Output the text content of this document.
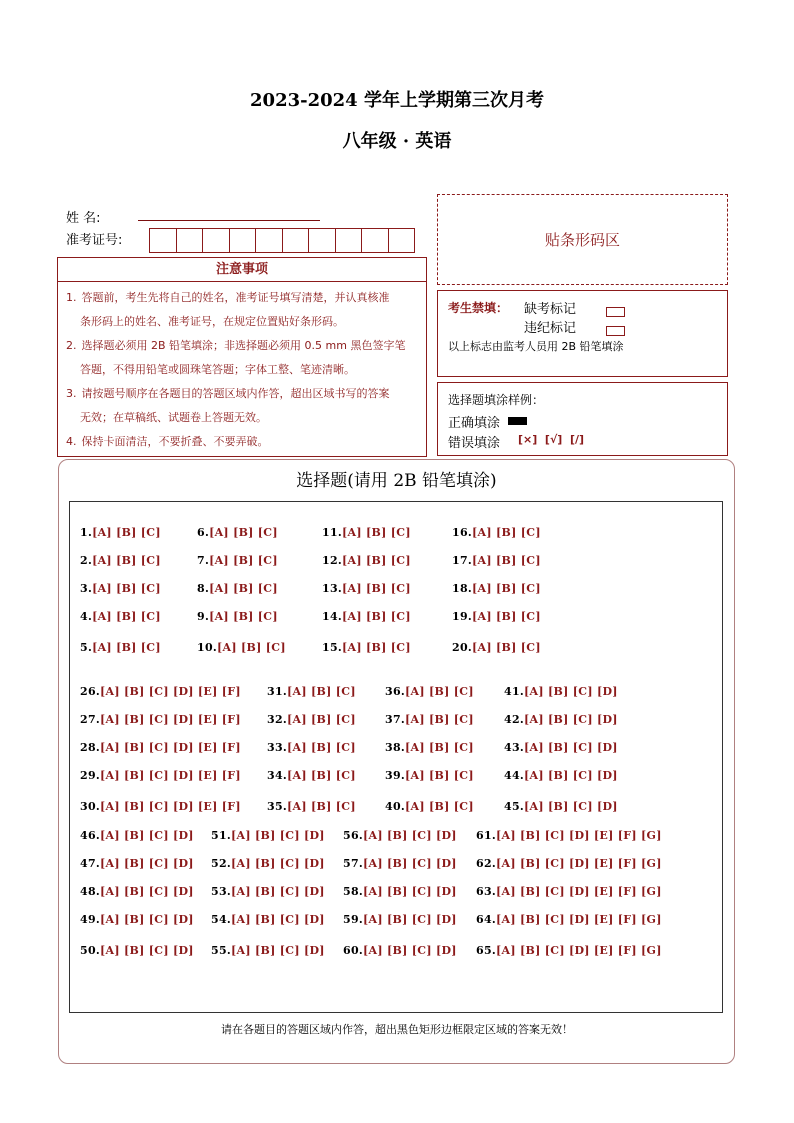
2023-2024 学年上学期第三次月考
八年级 · 英语
姓 名:
准考证号:	贴条形码区
注意事项
1. 答题前，考生先将自己的姓名，准考证号填写清楚，并认真核准
条形码上的姓名、准考证号，在规定位置贴好条形码。
2. 选择题必须用 2B 铅笔填涂；非选择题必须用 0.5 mm 黑色签字笔
答题，不得用铅笔或圆珠笔答题；字体工整、笔迹清晰。
3. 请按题号顺序在各题目的答题区域内作答，超出区域书写的答案
无效；在草稿纸、试题卷上答题无效。
4. 保持卡面清洁，不要折叠、不要弄破。
考生禁填： 缺考标记
违纪标记
以上标志由监考人员用 2B 铅笔填涂
选择题填涂样例：
正确填涂
错误填涂 [×]  [√]  [/]
选择题(请用 2B 铅笔填涂)
1.[A] [B] [C]
2.[A] [B] [C]
3.[A] [B] [C]
4.[A] [B] [C]
5.[A] [B] [C]
6.[A] [B] [C]
7.[A] [B] [C]
8.[A] [B] [C]
9.[A] [B] [C]
10.[A] [B] [C]
11.[A] [B] [C]
12.[A] [B] [C]
13.[A] [B] [C]
14.[A] [B] [C]
15.[A] [B] [C]
16.[A] [B] [C]
17.[A] [B] [C]
18.[A] [B] [C]
19.[A] [B] [C]
20.[A] [B] [C]
26.[A] [B] [C] [D] [E] [F]
27.[A] [B] [C] [D] [E] [F]
28.[A] [B] [C] [D] [E] [F]
29.[A] [B] [C] [D] [E] [F]
30.[A] [B] [C] [D] [E] [F]
31.[A] [B] [C]
32.[A] [B] [C]
33.[A] [B] [C]
34.[A] [B] [C]
35.[A] [B] [C]
36.[A] [B] [C]
37.[A] [B] [C]
38.[A] [B] [C]
39.[A] [B] [C]
40.[A] [B] [C]
41.[A] [B] [C] [D]
42.[A] [B] [C] [D]
43.[A] [B] [C] [D]
44.[A] [B] [C] [D]
45.[A] [B] [C] [D]
46.[A] [B] [C] [D]
47.[A] [B] [C] [D]
48.[A] [B] [C] [D]
49.[A] [B] [C] [D]
50.[A] [B] [C] [D]
51.[A] [B] [C] [D]
52.[A] [B] [C] [D]
53.[A] [B] [C] [D]
54.[A] [B] [C] [D]
55.[A] [B] [C] [D]
56.[A] [B] [C] [D]
57.[A] [B] [C] [D]
58.[A] [B] [C] [D]
59.[A] [B] [C] [D]
60.[A] [B] [C] [D]
61.[A] [B] [C] [D] [E] [F] [G]
62.[A] [B] [C] [D] [E] [F] [G]
63.[A] [B] [C] [D] [E] [F] [G]
64.[A] [B] [C] [D] [E] [F] [G]
65.[A] [B] [C] [D] [E] [F] [G]
请在各题目的答题区域内作答，超出黑色矩形边框限定区域的答案无效！
